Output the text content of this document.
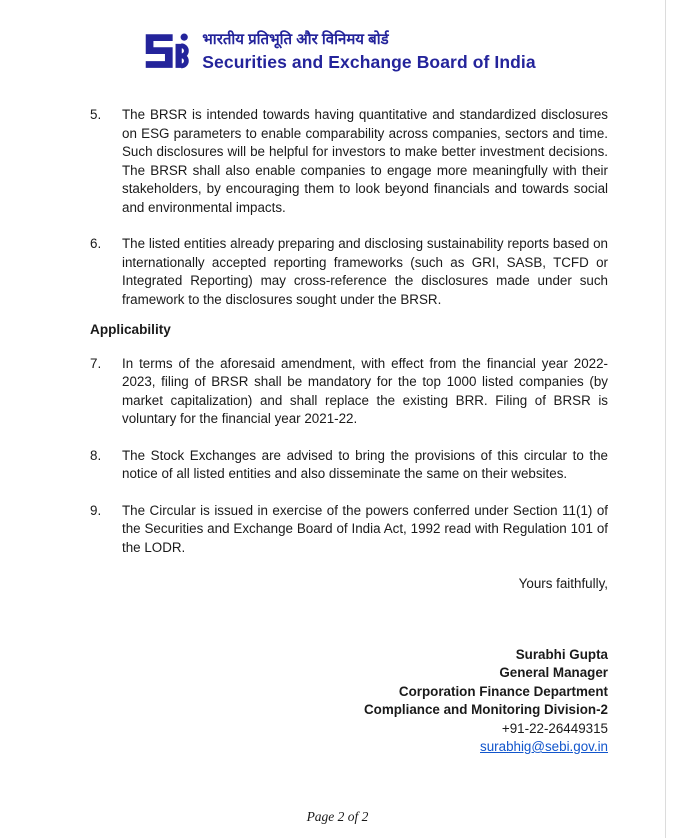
भारतीय प्रतिभूति और विनिमय बोर्ड
Securities and Exchange Board of India
5.	The BRSR is intended towards having quantitative and standardized disclosures on ESG parameters to enable comparability across companies, sectors and time. Such disclosures will be helpful for investors to make better investment decisions. The BRSR shall also enable companies to engage more meaningfully with their stakeholders, by encouraging them to look beyond financials and towards social and environmental impacts.

6.	The listed entities already preparing and disclosing sustainability reports based on internationally accepted reporting frameworks (such as GRI, SASB, TCFD or Integrated Reporting) may cross-reference the disclosures made under such framework to the disclosures sought under the BRSR.

Applicability
7.	In terms of the aforesaid amendment, with effect from the financial year 2022-2023, filing of BRSR shall be mandatory for the top 1000 listed companies (by market capitalization) and shall replace the existing BRR. Filing of BRSR is voluntary for the financial year 2021-22.

8.	The Stock Exchanges are advised to bring the provisions of this circular to the notice of all listed entities and also disseminate the same on their websites.

9.	The Circular is issued in exercise of the powers conferred under Section 11(1) of the Securities and Exchange Board of India Act, 1992 read with Regulation 101 of the LODR.

Yours faithfully,

Surabhi Gupta
General Manager
Corporation Finance Department
Compliance and Monitoring Division-2
+91-22-26449315
surabhig@sebi.gov.in
Page 2 of 2
